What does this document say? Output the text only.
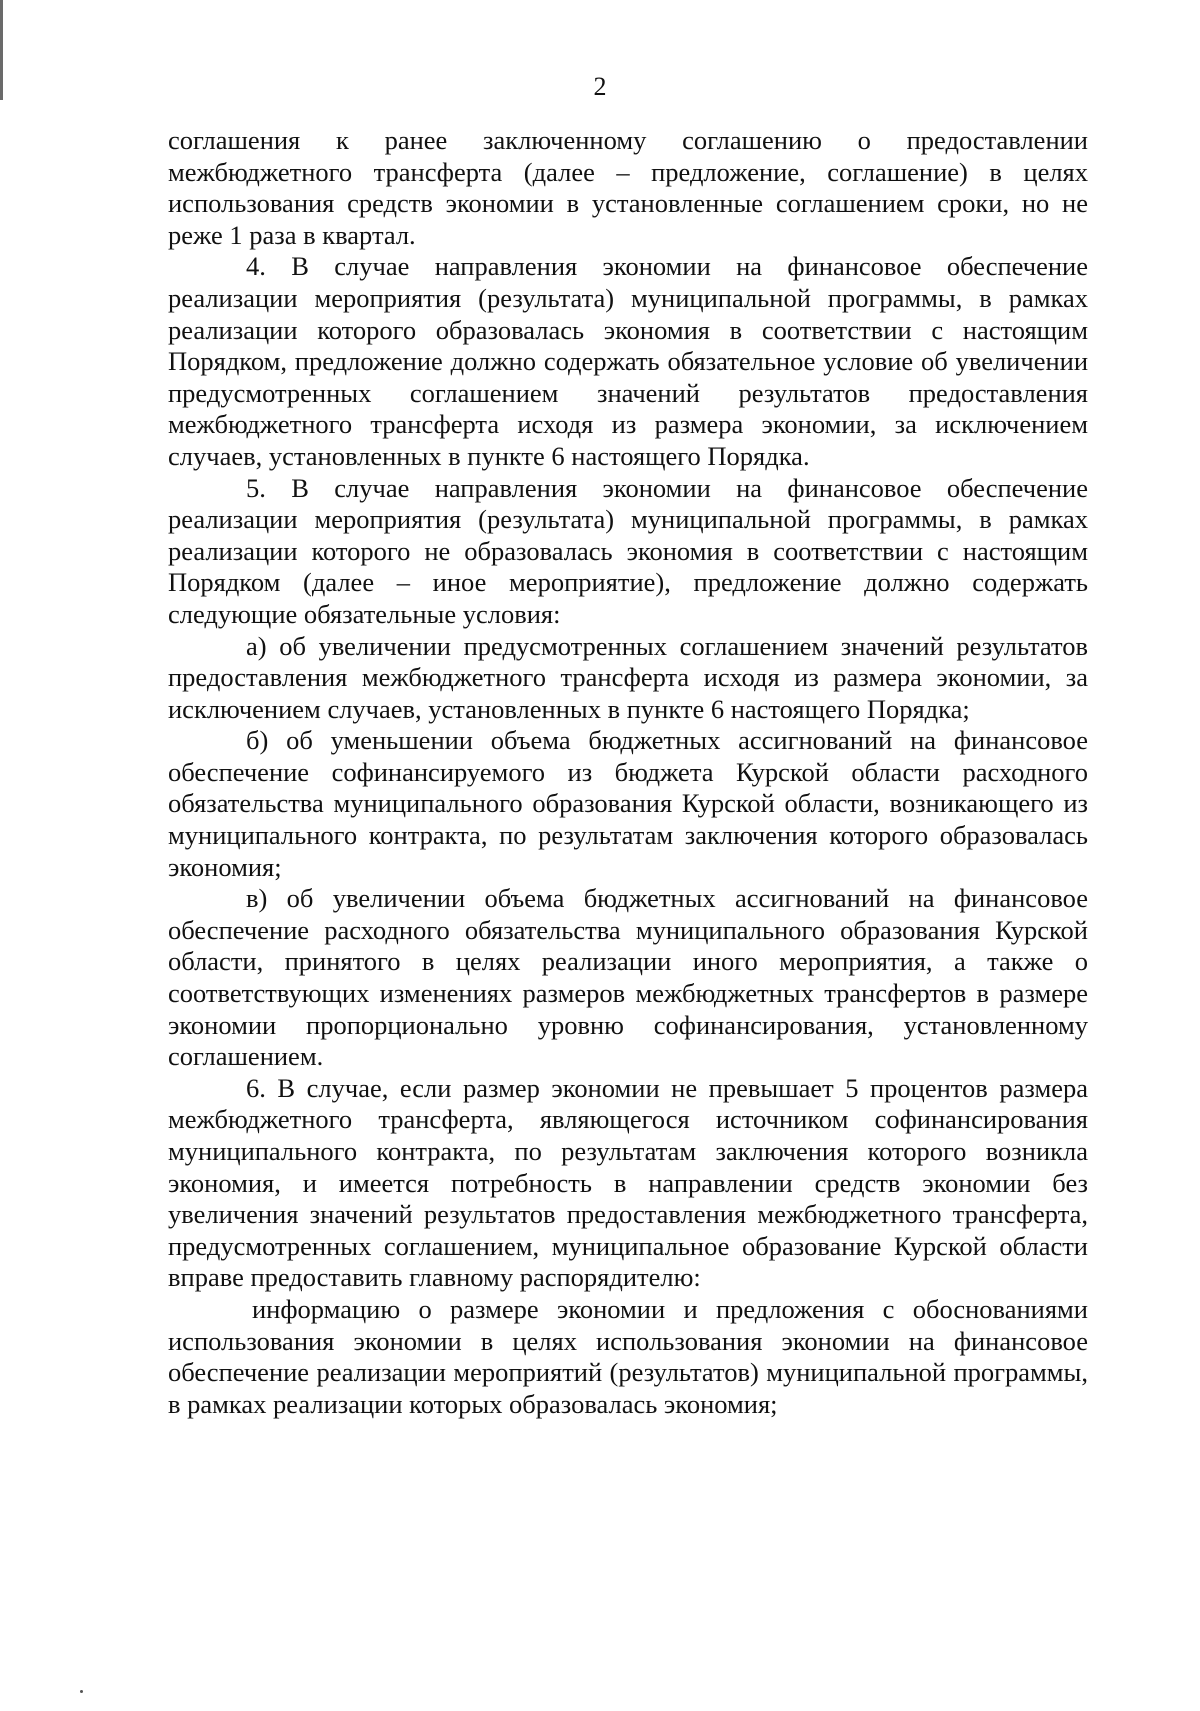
2

соглашения к ранее заключенному соглашению о предоставлении межбюджетного трансферта (далее – предложение, соглашение) в целях использования средств экономии в установленные соглашением сроки, но не реже 1 раза в квартал.

4. В случае направления экономии на финансовое обеспечение реализации мероприятия (результата) муниципальной программы, в рамках реализации которого образовалась экономия в соответствии с настоящим Порядком, предложение должно содержать обязательное условие об увеличении предусмотренных соглашением значений результатов предоставления межбюджетного трансферта исходя из размера экономии, за исключением случаев, установленных в пункте 6 настоящего Порядка.

5. В случае направления экономии на финансовое обеспечение реализации мероприятия (результата) муниципальной программы, в рамках реализации которого не образовалась экономия в соответствии с настоящим Порядком (далее – иное мероприятие), предложение должно содержать следующие обязательные условия:

а) об увеличении предусмотренных соглашением значений результатов предоставления межбюджетного трансферта исходя из размера экономии, за исключением случаев, установленных в пункте 6 настоящего Порядка;

б) об уменьшении объема бюджетных ассигнований на финансовое обеспечение софинансируемого из бюджета Курской области расходного обязательства муниципального образования Курской области, возникающего из муниципального контракта, по результатам заключения которого образовалась экономия;

в) об увеличении объема бюджетных ассигнований на финансовое обеспечение расходного обязательства муниципального образования Курской области, принятого в целях реализации иного мероприятия, а также о соответствующих изменениях размеров межбюджетных трансфертов в размере экономии пропорционально уровню софинансирования, установленному соглашением.

6. В случае, если размер экономии не превышает 5 процентов размера межбюджетного трансферта, являющегося источником софинансирования муниципального контракта, по результатам заключения которого возникла экономия, и имеется потребность в направлении средств экономии без увеличения значений результатов предоставления межбюджетного трансферта, предусмотренных соглашением, муниципальное образование Курской области вправе предоставить главному распорядителю:

информацию о размере экономии и предложения с обоснованиями использования экономии в целях использования экономии на финансовое обеспечение реализации мероприятий (результатов) муниципальной программы, в рамках реализации которых образовалась экономия;
